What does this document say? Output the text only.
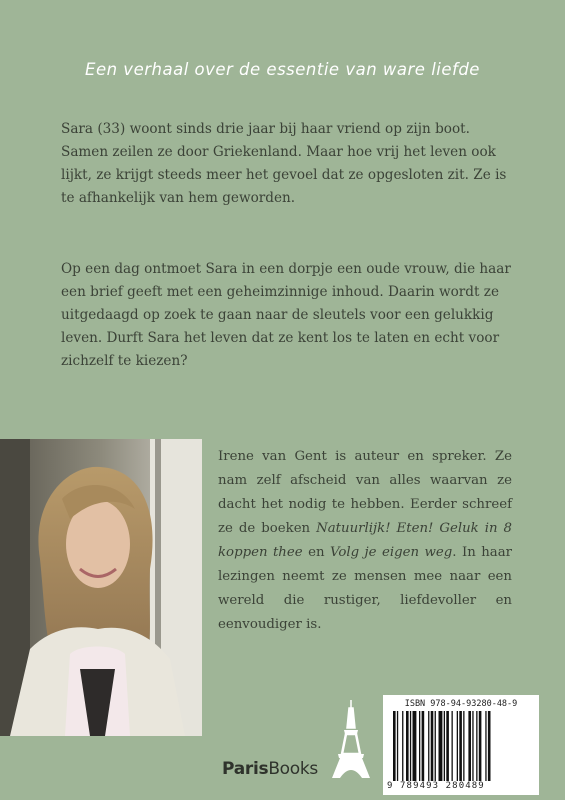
Een verhaal over de essentie van ware liefde
Sara (33) woont sinds drie jaar bij haar vriend op zijn boot. Samen zeilen ze door Griekenland. Maar hoe vrij het leven ook lijkt, ze krijgt steeds meer het gevoel dat ze opgesloten zit. Ze is te afhankelijk van hem geworden.
Op een dag ontmoet Sara in een dorpje een oude vrouw, die haar een brief geeft met een geheimzinnige inhoud. Daarin wordt ze uitgedaagd op zoek te gaan naar de sleutels voor een gelukkig leven. Durft Sara het leven dat ze kent los te laten en echt voor zichzelf te kiezen?
Irene van Gent is auteur en spreker. Ze nam zelf afscheid van alles waarvan ze dacht het nodig te hebben. Eerder schreef ze de boeken Natuurlijk! Eten! Geluk in 8 koppen thee en Volg je eigen weg. In haar lezingen neemt ze mensen mee naar een wereld die rustiger, liefdevoller en eenvoudiger is.
ParisBooks
ISBN 978-94-93280-48-9
9 789493 280489
